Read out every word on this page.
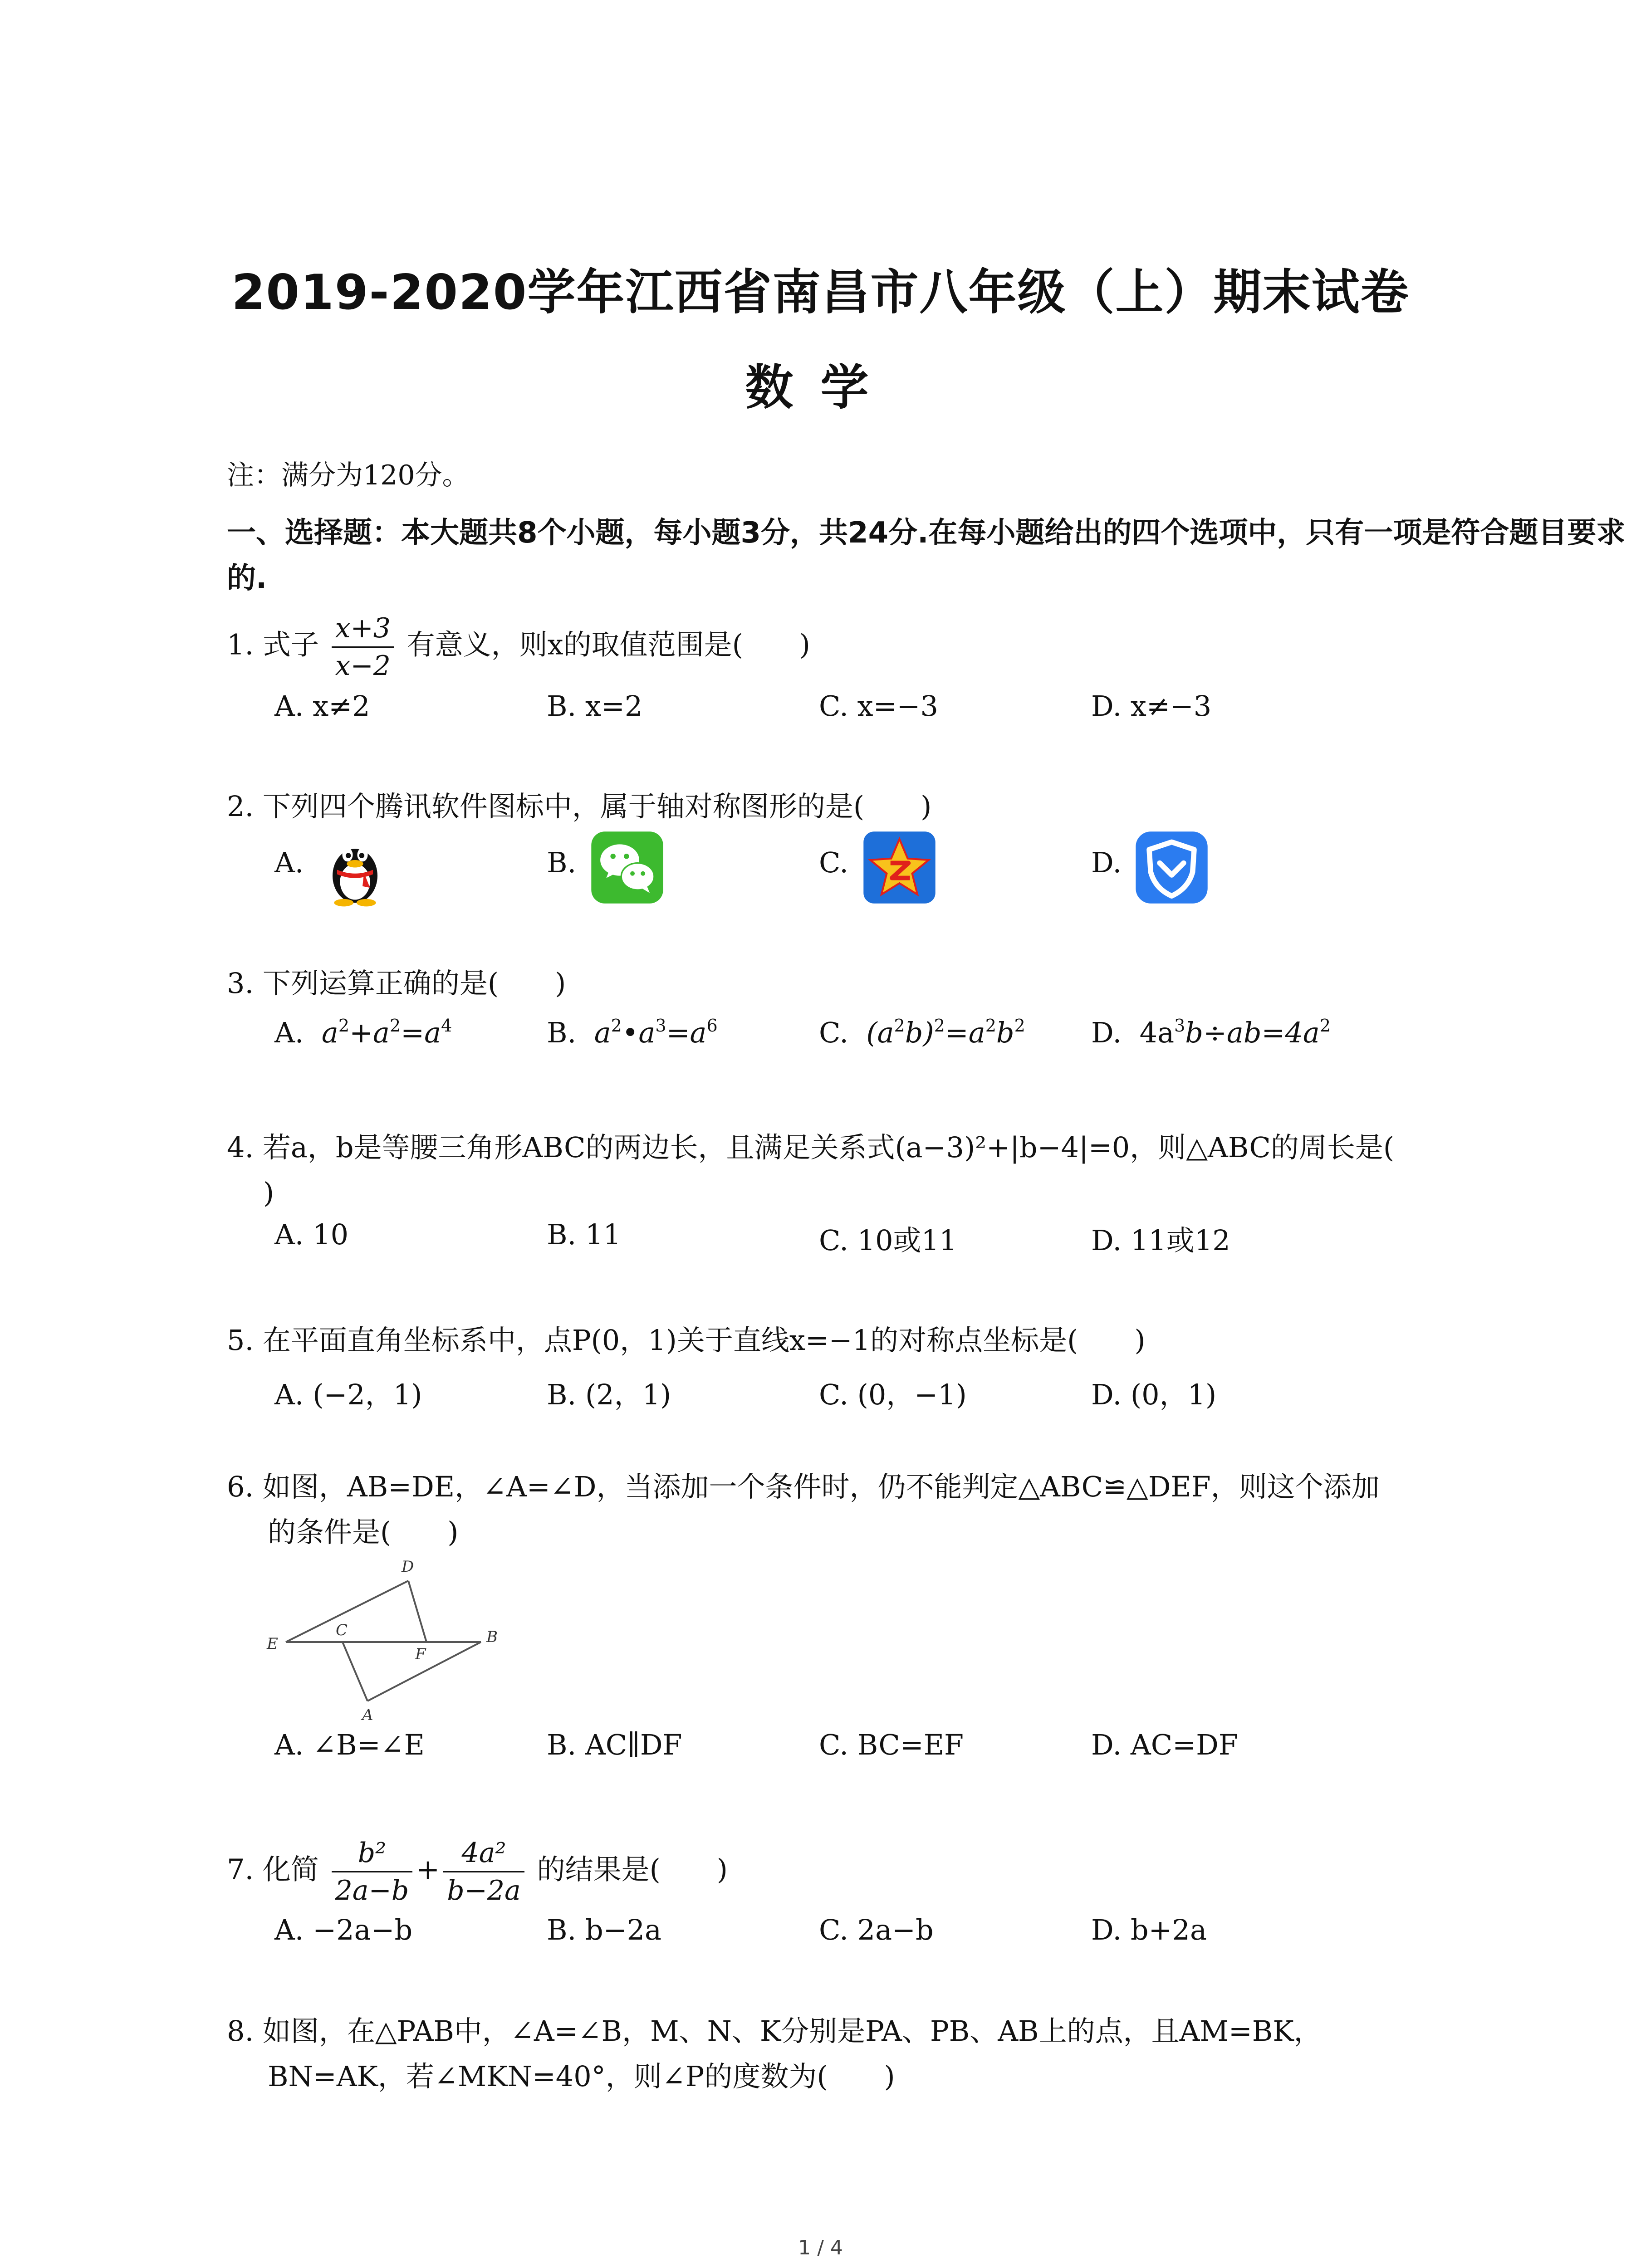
2019-2020学年江西省南昌市八年级（上）期末试卷
数学
注：满分为120分。
一、选择题：本大题共8个小题，每小题3分，共24分.在每小题给出的四个选项中，只有一项是符合题目要求的.
1. 式子 $\frac{x+3}{x-2}$ 有意义，则x的取值范围是(　　)
A. x≠2	B. x=2	C. x=−3	D. x≠−3
2. 下列四个腾讯软件图标中，属于轴对称图形的是(　　)
A.	B.	C.	D.
3. 下列运算正确的是(　　)
A. $a^2+a^2=a^4$	B. $a^2•a^3=a^6$	C. $(a^2b)^2=a^2b^2$ D. $4a^3b\div ab=4a^2$
4. 若a，b是等腰三角形ABC的两边长，且满足关系式(a−3)²+|b−4|=0，则△ABC的周长是(
)
A. 10	B. 11	C. 10或11	D. 11或12
5. 在平面直角坐标系中，点P(0，1)关于直线x=−1的对称点坐标是(　　)
A. (−2，1)	B. (2，1)	C. (0，−1)	D. (0，1)
6. 如图，AB=DE，∠A=∠D，当添加一个条件时，仍不能判定△ABC≌△DEF，则这个添加
的条件是(　　)
D
E
C
F
B
A
A. ∠B=∠E	B. AC∥DF	C. BC=EF	D. AC=DF
7. 化简 $\frac{\text{b²}}{2a-b} + \frac{\text{4a²}}{b-2a}$ 的结果是(　　)
A. −2a−b	B. b−2a	C. 2a−b	D. b+2a
8. 如图，在△PAB中，∠A=∠B，M、N、K分别是PA、PB、AB上的点，且AM=BK，
BN=AK，若∠MKN=40°，则∠P的度数为(　　)
1 / 4
